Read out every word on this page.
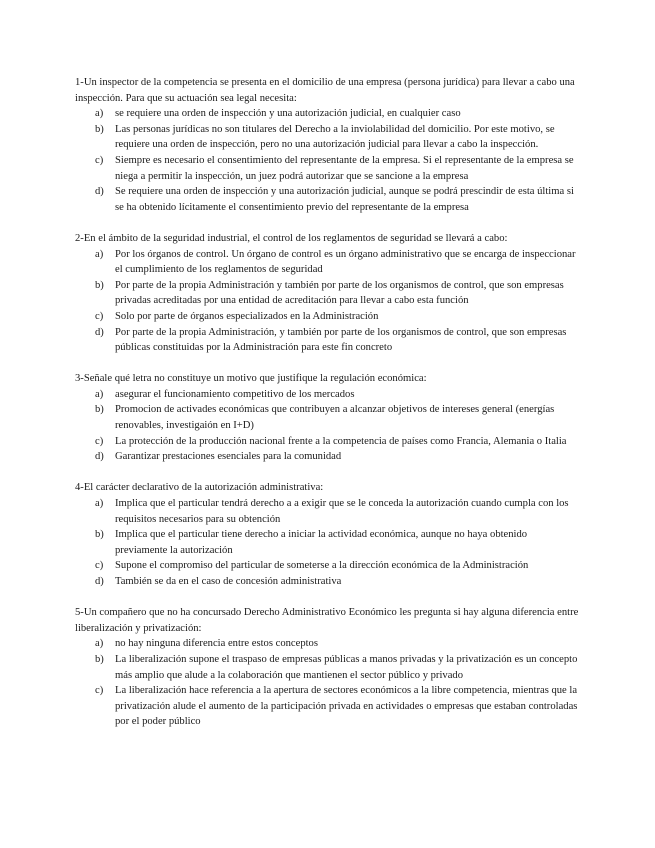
1-Un inspector de la competencia se presenta en el domicilio de una empresa (persona jurídica) para llevar a cabo una inspección. Para que su actuación sea legal necesita:
a) se requiere una orden de inspección y una autorización judicial, en cualquier caso
b) Las personas jurídicas no son titulares del Derecho a la inviolabilidad del domicilio. Por este motivo, se requiere una orden de inspección, pero no una autorización judicial para llevar a cabo la inspección.
c) Siempre es necesario el consentimiento del representante de la empresa. Si el representante de la empresa se niega a permitir la inspección, un juez podrá autorizar que se sancione a la empresa
d) Se requiere una orden de inspección y una autorización judicial, aunque se podrá prescindir de esta última si se ha obtenido lícitamente el consentimiento previo del representante de la empresa
2-En el ámbito de la seguridad industrial, el control de los reglamentos de seguridad se llevará a cabo:
a) Por los órganos de control. Un órgano de control es un órgano administrativo que se encarga de inspeccionar el cumplimiento de los reglamentos de seguridad
b) Por parte de la propia Administración y también por parte de los organismos de control, que son empresas privadas acreditadas por una entidad de acreditación para llevar a cabo esta función
c) Solo por parte de órganos especializados en la Administración
d) Por parte de la propia Administración, y también por parte de los organismos de control, que son empresas públicas constituidas por la Administración para este fin concreto
3-Señale qué letra no constituye un motivo que justifique la regulación económica:
a) asegurar el funcionamiento competitivo de los mercados
b) Promocion de activades económicas que contribuyen a alcanzar objetivos de intereses general (energías renovables, investigaión en I+D)
c) La protección de la producción nacional frente a la competencia de países como Francia, Alemania o Italia
d) Garantizar prestaciones esenciales para la comunidad
4-El carácter declarativo de la autorización administrativa:
a) Implica que el particular tendrá derecho a a exigir que se le conceda la autorización cuando cumpla con los requisitos necesarios para su obtención
b) Implica que el particular tiene derecho a iniciar la actividad económica, aunque no haya obtenido previamente la autorización
c) Supone el compromiso del particular de someterse a la dirección económica de la Administración
d) También se da en el caso de concesión administrativa
5-Un compañero que no ha concursado Derecho Administrativo Económico les pregunta si hay alguna diferencia entre liberalización y privatización:
a) no hay ninguna diferencia entre estos conceptos
b) La liberalización supone el traspaso de empresas públicas a manos privadas y la privatización es un concepto más amplio que alude a la colaboración que mantienen el sector público y privado
c) La liberalización hace referencia a la apertura de sectores económicos a la libre competencia, mientras que la privatización alude el aumento de la participación privada en actividades o empresas que estaban controladas por el poder público
